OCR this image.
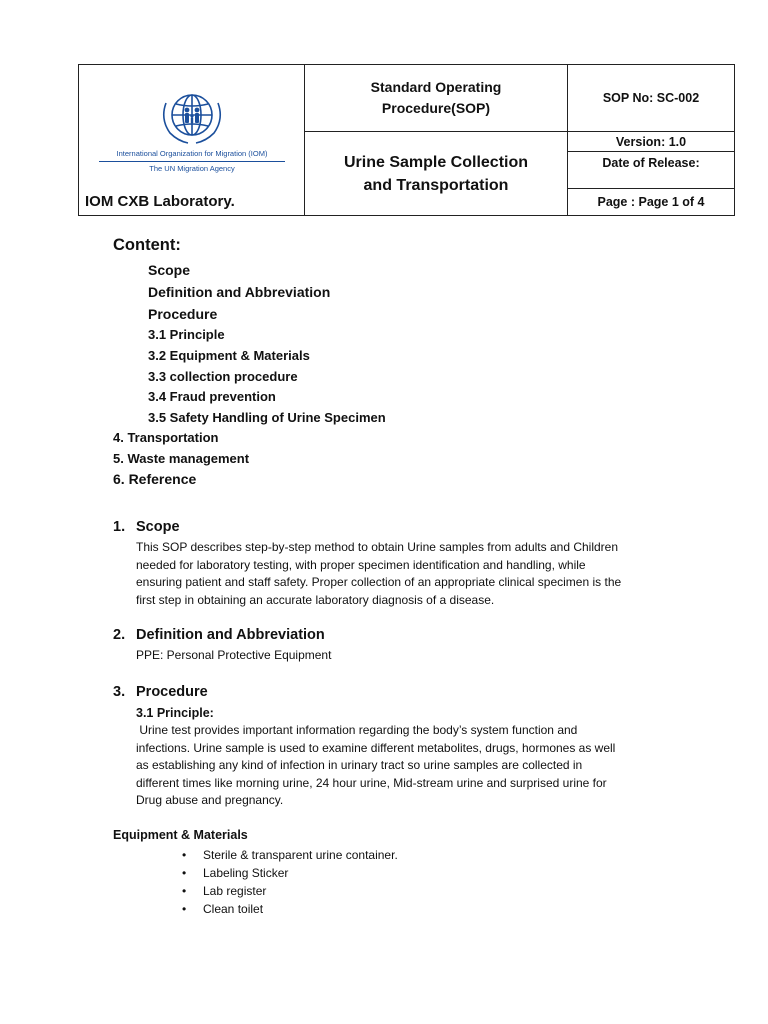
International Organization for Migration (IOM)
The UN Migration Agency
IOM CXB Laboratory.
Standard Operating
Procedure(SOP)
Urine Sample Collection
and Transportation
SOP No: SC-002
Version: 1.0
Date of Release:
Page : Page 1 of 4
Content:
Scope
Definition and Abbreviation
Procedure
3.1 Principle
3.2 Equipment & Materials
3.3 collection procedure
3.4 Fraud prevention
3.5 Safety Handling of Urine Specimen
4. Transportation
5. Waste management
6. Reference
1. Scope
This SOP describes step-by-step method to obtain Urine samples from adults and Children
needed for laboratory testing, with proper specimen identification and handling, while
ensuring patient and staff safety. Proper collection of an appropriate clinical specimen is the
first step in obtaining an accurate laboratory diagnosis of a disease.
2. Definition and Abbreviation
PPE: Personal Protective Equipment
3. Procedure
3.1 Principle:
Urine test provides important information regarding the body’s system function and
infections. Urine sample is used to examine different metabolites, drugs, hormones as well
as establishing any kind of infection in urinary tract so urine samples are collected in
different times like morning urine, 24 hour urine, Mid-stream urine and surprised urine for
Drug abuse and pregnancy.
Equipment & Materials
• Sterile & transparent urine container.
• Labeling Sticker
• Lab register
• Clean toilet
